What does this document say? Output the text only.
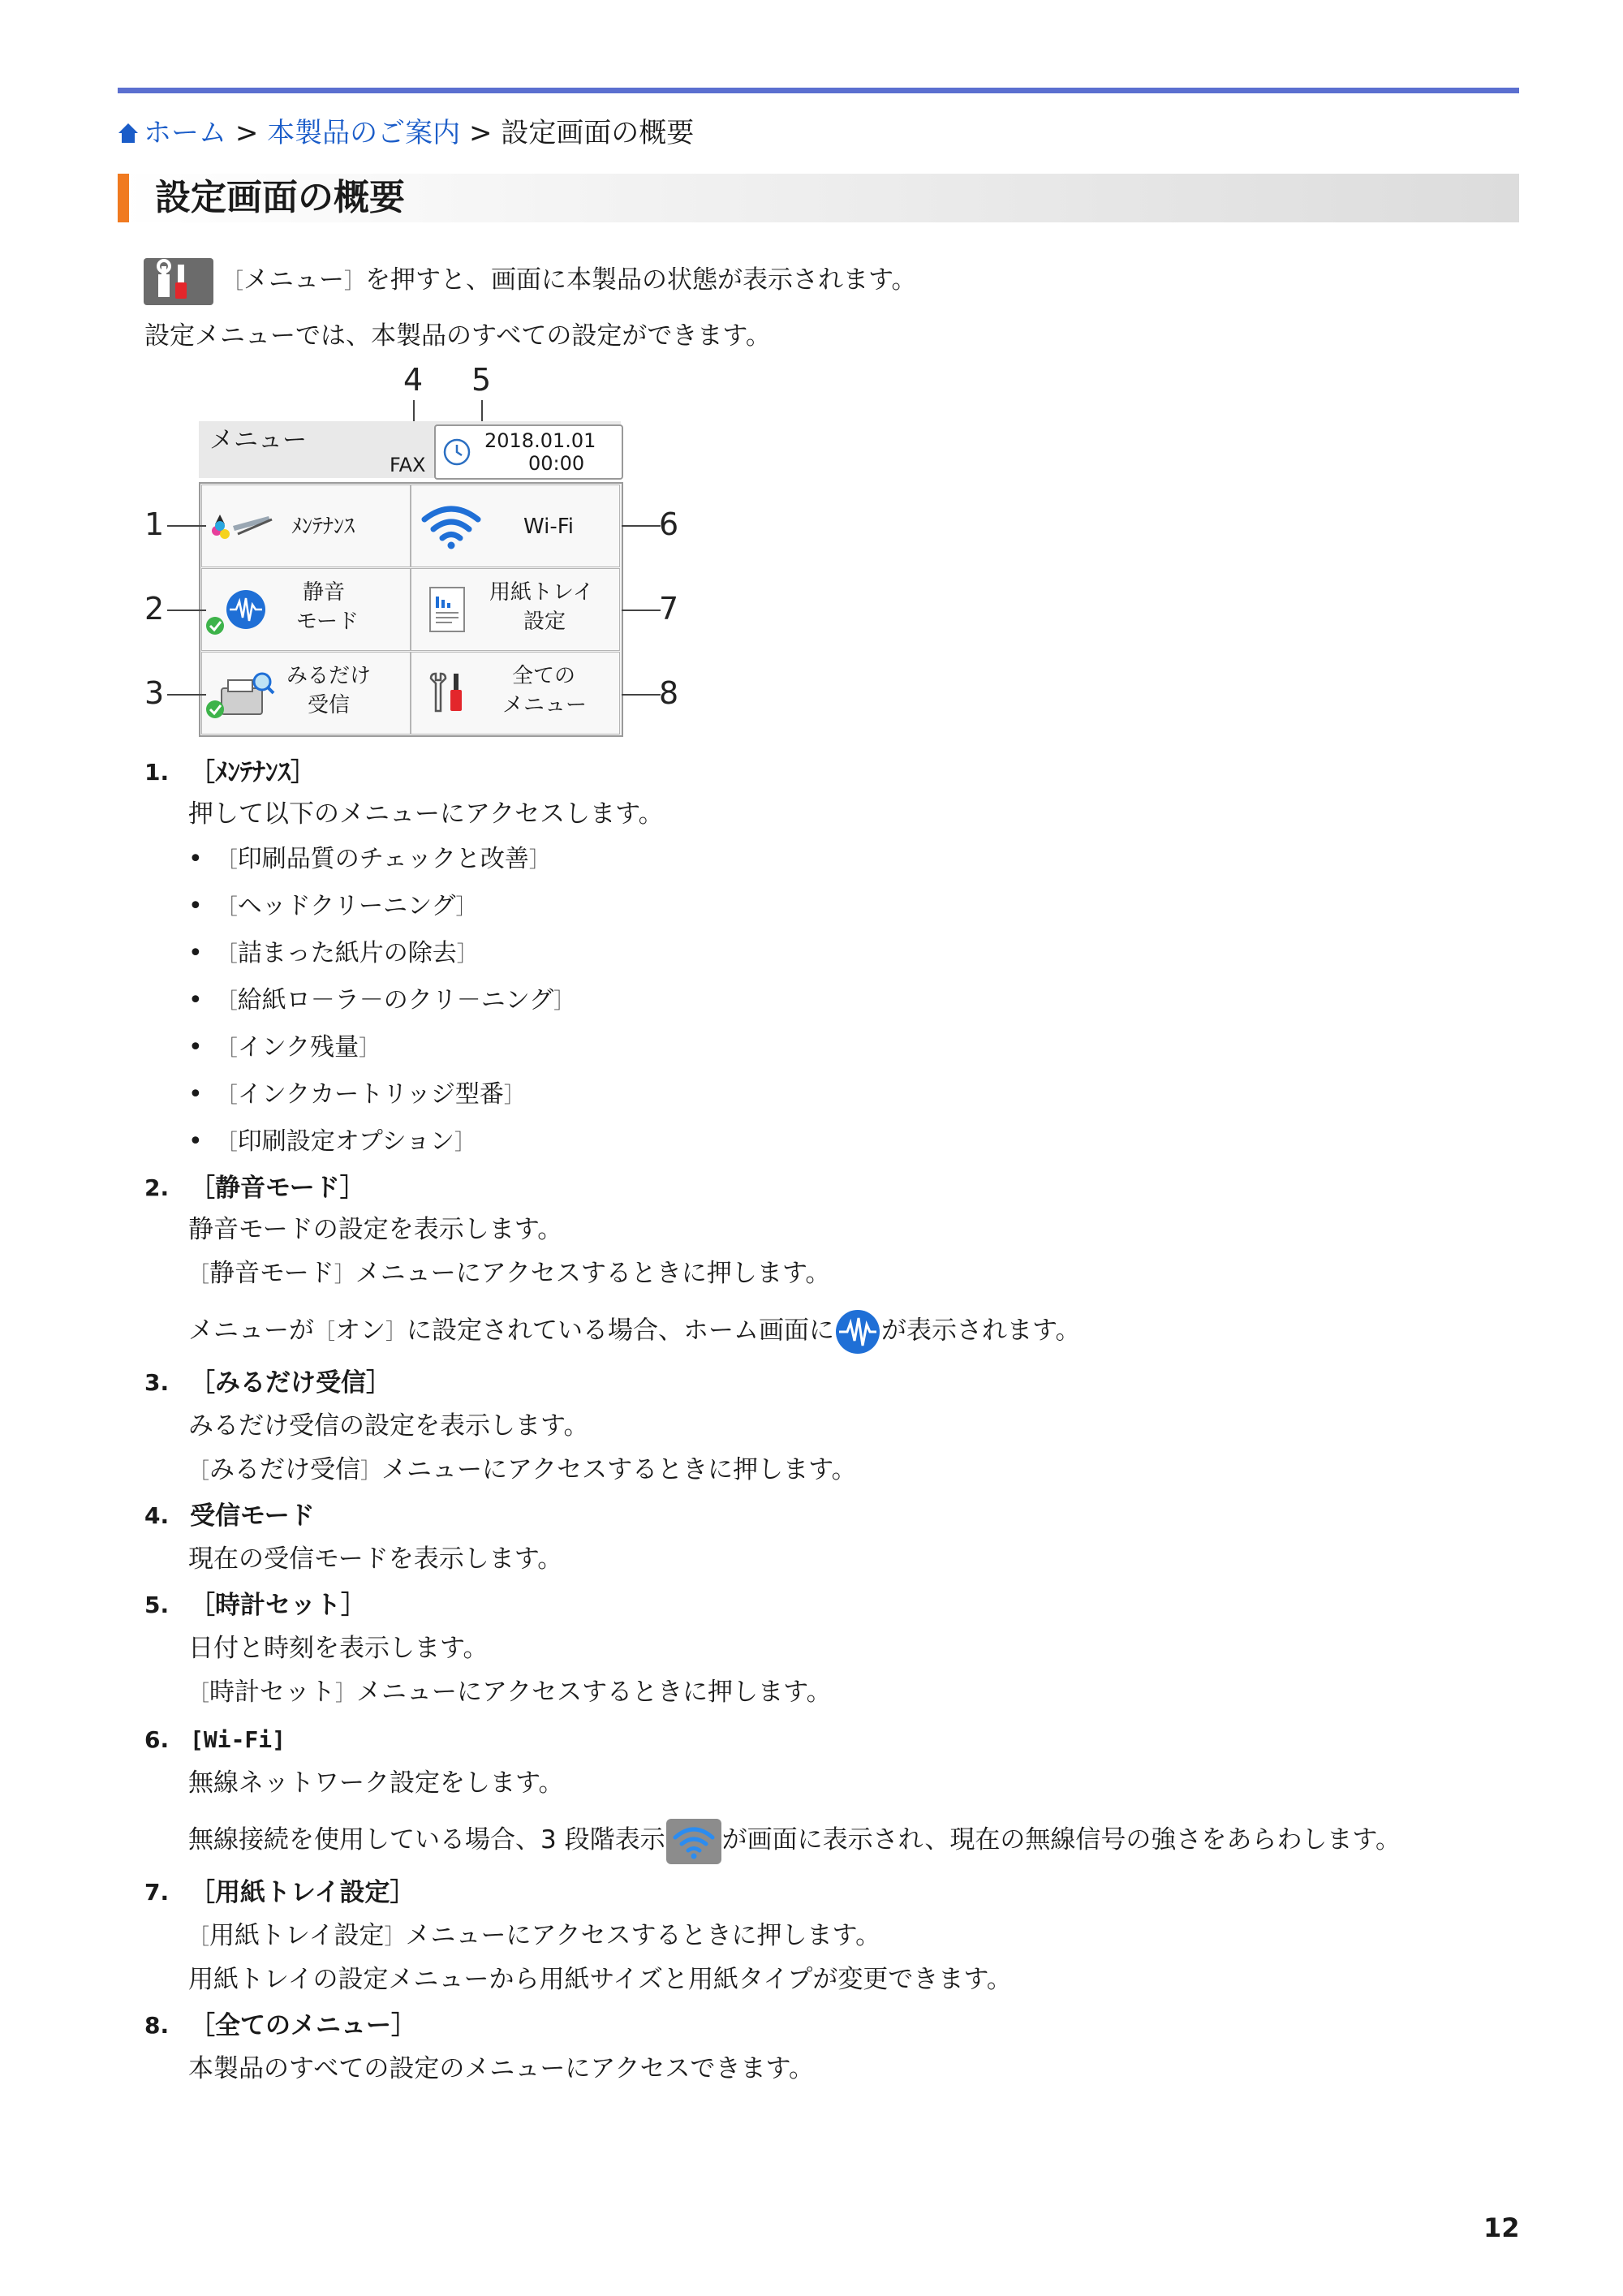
ホーム > 本製品のご案内 > 設定画面の概要
設定画面の概要
［メニュー］を押すと、画面に本製品の状態が表示されます。
設定メニューでは、本製品のすべての設定ができます。
4 5
メニュー
FAX
2018.01.01
00:00
ﾒﾝﾃﾅﾝｽ	Wi-Fi
静音
モード
用紙トレイ
設定
みるだけ
受信
全ての
メニュー
1
2
3
6
7
8
1. ［ﾒﾝﾃﾅﾝｽ］
押して以下のメニューにアクセスします。
•　［印刷品質のチェックと改善］
•　［ヘッドクリーニング］
•　［詰まった紙片の除去］
•　［給紙ロ－ラ－のクリ－ニング］
•　［インク残量］
•　［インクカートリッジ型番］
•　［印刷設定オプション］
2. ［静音モード］
静音モードの設定を表示します。
［静音モード］メニューにアクセスするときに押します。
メニューが［オン］に設定されている場合、ホーム画面に が表示されます。
3. ［みるだけ受信］
みるだけ受信の設定を表示します。
［みるだけ受信］メニューにアクセスするときに押します。
4. 受信モード
現在の受信モードを表示します。
5. ［時計セット］
日付と時刻を表示します。
［時計セット］メニューにアクセスするときに押します。
6. [Wi-Fi]
無線ネットワーク設定をします。
無線接続を使用している場合、3 段階表示 が画面に表示され、現在の無線信号の強さをあらわします。
7. ［用紙トレイ設定］
［用紙トレイ設定］メニューにアクセスするときに押します。
用紙トレイの設定メニューから用紙サイズと用紙タイプが変更できます。
8. ［全てのメニュー］
本製品のすべての設定のメニューにアクセスできます。
12
